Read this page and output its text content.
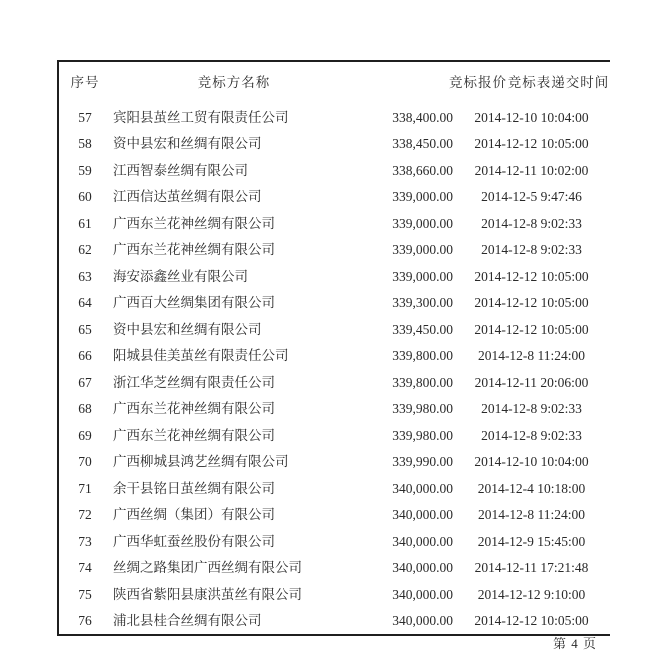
序号	竞标方名称	竞标报价 竞标表递交时间
57	宾阳县茧丝工贸有限责任公司	338,400.00	2014-12-10 10:04:00
58	资中县宏和丝绸有限公司	338,450.00	2014-12-12 10:05:00
59	江西智泰丝绸有限公司	338,660.00	2014-12-11 10:02:00
60	江西信达茧丝绸有限公司	339,000.00	2014-12-5 9:47:46
61	广西东兰花神丝绸有限公司	339,000.00	2014-12-8 9:02:33
62	广西东兰花神丝绸有限公司	339,000.00	2014-12-8 9:02:33
63	海安添鑫丝业有限公司	339,000.00	2014-12-12 10:05:00
64	广西百大丝绸集团有限公司	339,300.00	2014-12-12 10:05:00
65	资中县宏和丝绸有限公司	339,450.00	2014-12-12 10:05:00
66	阳城县佳美茧丝有限责任公司	339,800.00	2014-12-8 11:24:00
67	浙江华芝丝绸有限责任公司	339,800.00	2014-12-11 20:06:00
68	广西东兰花神丝绸有限公司	339,980.00	2014-12-8 9:02:33
69	广西东兰花神丝绸有限公司	339,980.00	2014-12-8 9:02:33
70	广西柳城县鸿艺丝绸有限公司	339,990.00	2014-12-10 10:04:00
71	余干县铭日茧丝绸有限公司	340,000.00	2014-12-4 10:18:00
72	广西丝绸（集团）有限公司	340,000.00	2014-12-8 11:24:00
73	广西华虹蚕丝股份有限公司	340,000.00	2014-12-9 15:45:00
74	丝绸之路集团广西丝绸有限公司	340,000.00	2014-12-11 17:21:48
75	陕西省紫阳县康洪茧丝有限公司	340,000.00	2014-12-12 9:10:00
76	浦北县桂合丝绸有限公司	340,000.00	2014-12-12 10:05:00
第 4 页
